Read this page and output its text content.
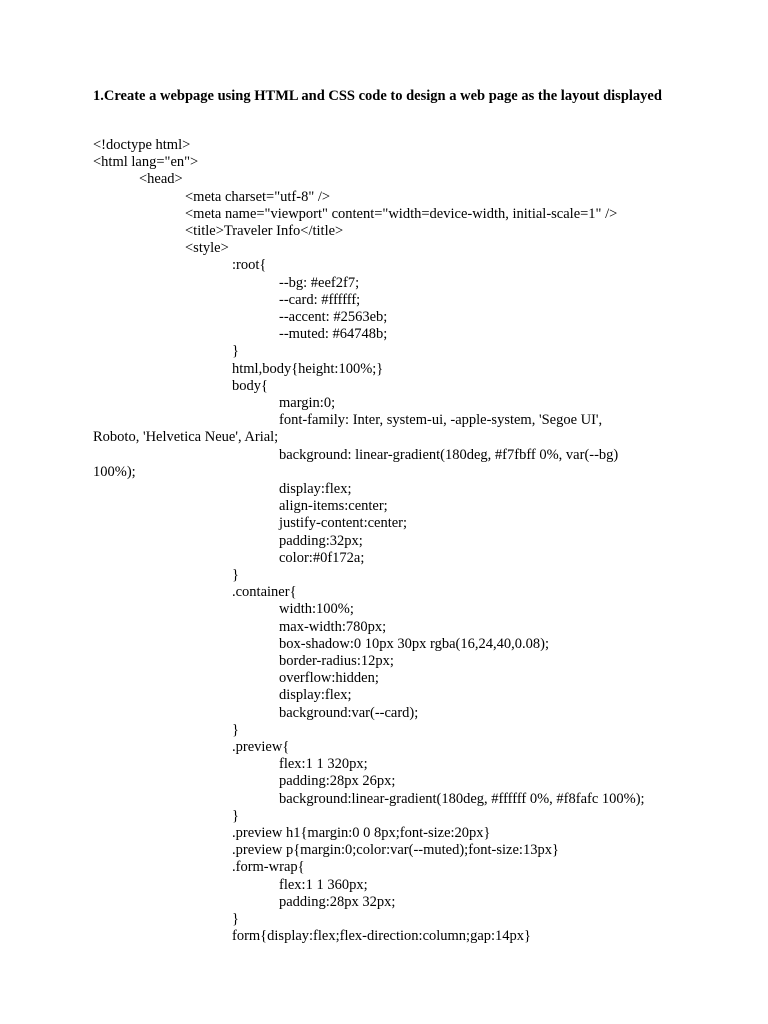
1.Create a webpage using HTML and CSS code to design a web page as the layout displayed
<!doctype html>
<html lang="en">
<head>
<meta charset="utf-8" />
<meta name="viewport" content="width=device-width, initial-scale=1" />
<title>Traveler Info</title>
<style>
:root{
--bg: #eef2f7;
--card: #ffffff;
--accent: #2563eb;
--muted: #64748b;
}
html,body{height:100%;}
body{
margin:0;
font-family: Inter, system-ui, -apple-system, 'Segoe UI',
Roboto, 'Helvetica Neue', Arial;
background: linear-gradient(180deg, #f7fbff 0%, var(--bg)
100%);
display:flex;
align-items:center;
justify-content:center;
padding:32px;
color:#0f172a;
}
.container{
width:100%;
max-width:780px;
box-shadow:0 10px 30px rgba(16,24,40,0.08);
border-radius:12px;
overflow:hidden;
display:flex;
background:var(--card);
}
.preview{
flex:1 1 320px;
padding:28px 26px;
background:linear-gradient(180deg, #ffffff 0%, #f8fafc 100%);
}
.preview h1{margin:0 0 8px;font-size:20px}
.preview p{margin:0;color:var(--muted);font-size:13px}
.form-wrap{
flex:1 1 360px;
padding:28px 32px;
}
form{display:flex;flex-direction:column;gap:14px}
